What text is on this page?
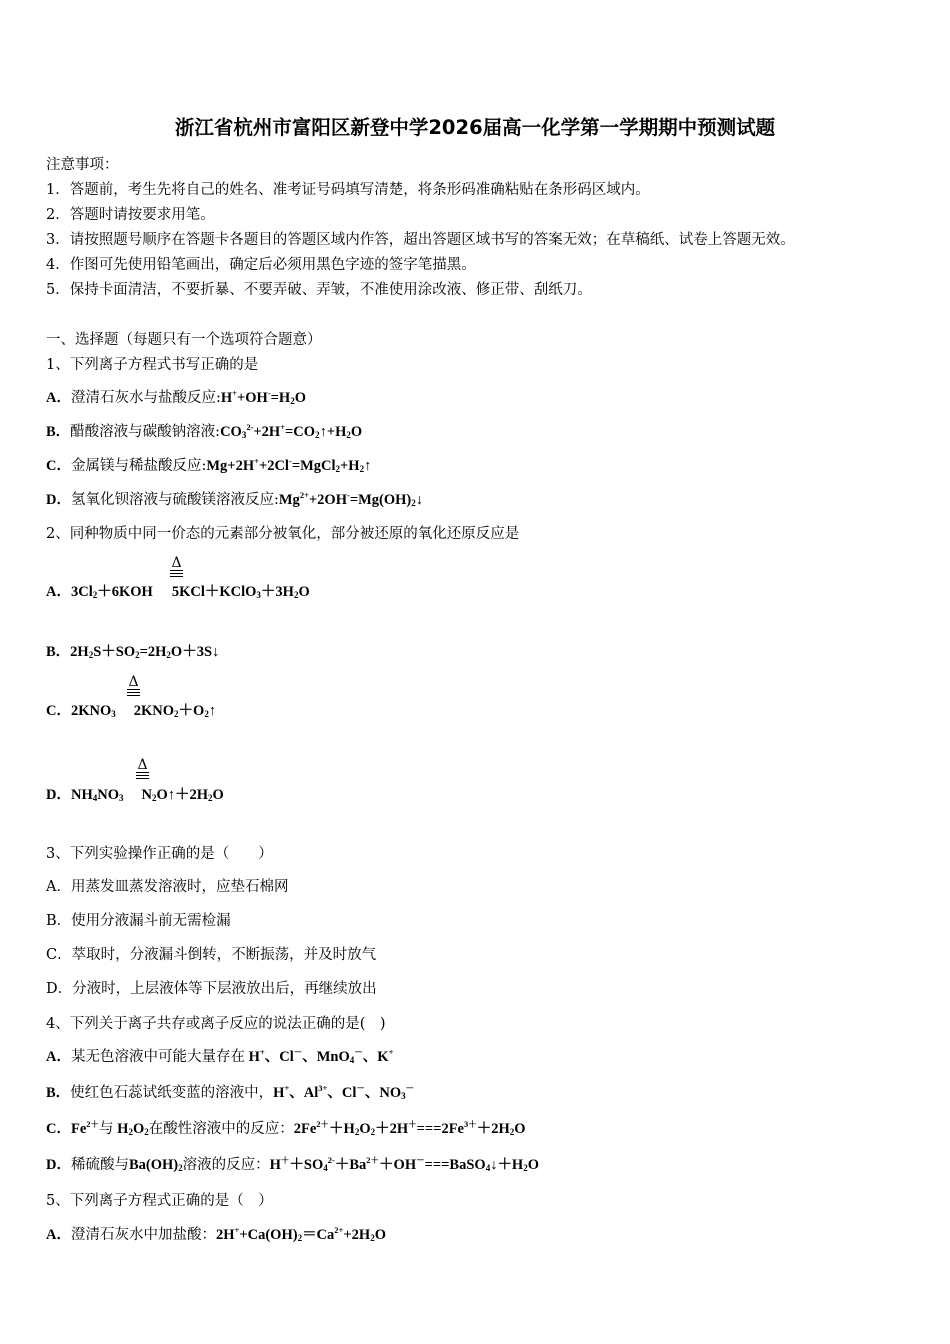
浙江省杭州市富阳区新登中学2026届高一化学第一学期期中预测试题
注意事项：
1．答题前，考生先将自己的姓名、准考证号码填写清楚，将条形码准确粘贴在条形码区域内。
2．答题时请按要求用笔。
3．请按照题号顺序在答题卡各题目的答题区域内作答，超出答题区域书写的答案无效；在草稿纸、试卷上答题无效。
4．作图可先使用铅笔画出，确定后必须用黑色字迹的签字笔描黑。
5．保持卡面清洁，不要折暴、不要弄破、弄皱，不准使用涂改液、修正带、刮纸刀。
一、选择题（每题只有一个选项符合题意）
1、下列离子方程式书写正确的是
A．澄清石灰水与盐酸反应$:H^++OH^-=H_2O$
B．醋酸溶液与碳酸钠溶液$:CO_3^{2-}+2H^+=CO_2↑+H_2O$
C．金属镁与稀盐酸反应$:Mg+2H^++2Cl^-=MgCl_2+H_2↑$
D．氢氧化钡溶液与硫酸镁溶液反应$:Mg^{2+}+2OH^-=Mg(OH)_2↓$
2、同种物质中同一价态的元素部分被氧化，部分被还原的氧化还原反应是
Δ
A．$3Cl_2+6KOH$ $5KCl+KClO_3+3H_2O$
B．$2H_2S+SO_2=2H_2O+3S↓$
Δ
C．$2KNO_3$ $2KNO_2+O_2↑$
Δ
D．$NH_4NO_3$ $N_2O↑+2H_2O$
3、下列实验操作正确的是（　　）
A．用蒸发皿蒸发溶液时，应垫石棉网
B．使用分液漏斗前无需检漏
C．萃取时，分液漏斗倒转，不断振荡，并及时放气
D．分液时，上层液体等下层液放出后，再继续放出
4、下列关于离子共存或离子反应的说法正确的是(　)
A．某无色溶液中可能大量存在 H+、Cl－、MnO$_4$－、K+
B．使红色石蕊试纸变蓝的溶液中，H+、$Al^{3+}$、Cl－、$NO_3^-$
C．$Fe^{2+}$与 $H_2O_2$在酸性溶液中的反应：$2Fe^{2+}+H_2O_2+2H^+===2Fe^{3+}+2H_2O$
D．稀硫酸与$Ba(OH)_2$溶液的反应：$H^++SO_4^{2-}+Ba^{2+}+OH^-===BaSO_4↓+H_2O$
5、下列离子方程式正确的是（　）
A．澄清石灰水中加盐酸：$2H^++Ca(OH)_2=Ca^{2+}+2H_2O$
